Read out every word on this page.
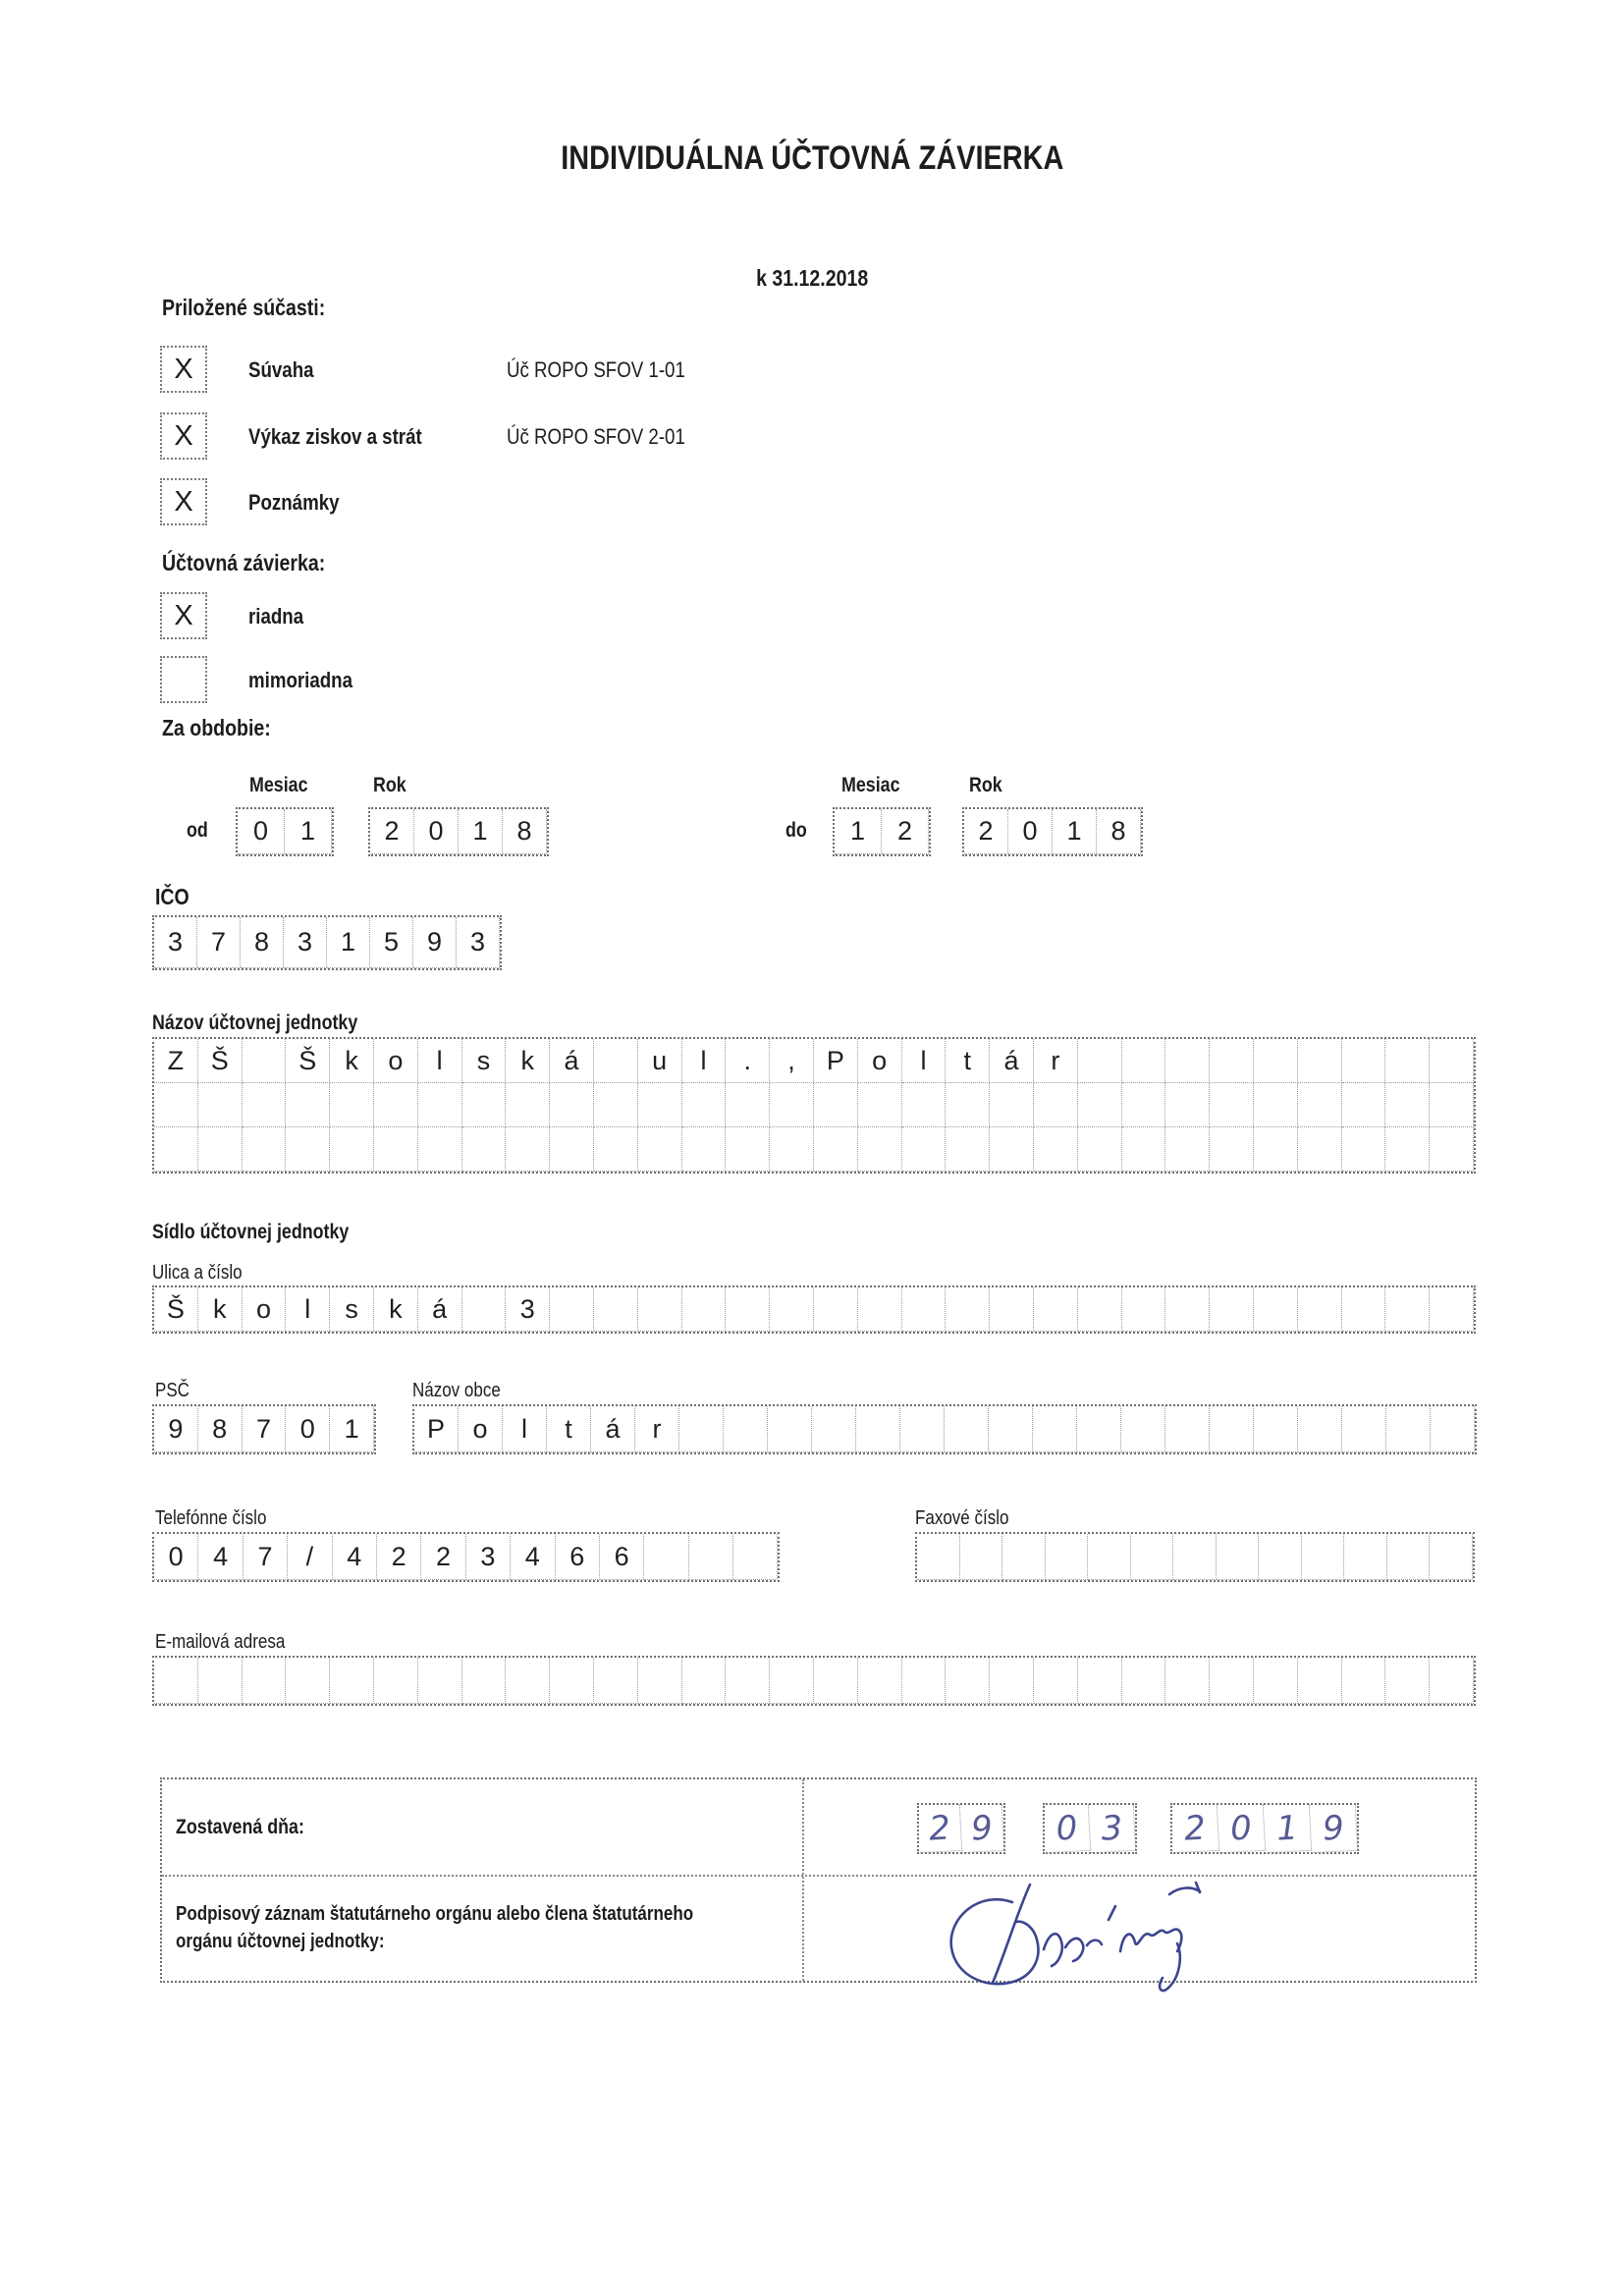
INDIVIDUÁLNA ÚČTOVNÁ ZÁVIERKA
k 31.12.2018
Priložené súčasti:
X	Súvaha	Úč ROPO SFOV 1-01
X	Výkaz ziskov a strát	Úč ROPO SFOV 2-01
X	Poznámky
Účtovná závierka:
X	riadna
mimoriadna
Za obdobie:
Mesiac	Rok
od	0	1	2	0	1	8
Mesiac	Rok
do	1	2	2	0	1	8
IČO
3	7	8	3	1	5	9	3
Názov účtovnej jednotky
Z	Š	Š	k	o	l	s	k	á	u	l	.	,	P	o	l	t	á	r
Sídlo účtovnej jednotky
Ulica a číslo
Š	k	o	l	s	k	á	3
PSČ	Názov obce
9	8	7	0	1	P	o	l	t	á	r
Telefónne číslo	Faxové číslo
0	4	7	/	4	2	2	3	4	6	6
E-mailová adresa
Zostavená dňa:	2 9	0 3	2 0 1 9
Podpisový záznam štatutárneho orgánu alebo člena štatutárneho orgánu účtovnej jednotky:
